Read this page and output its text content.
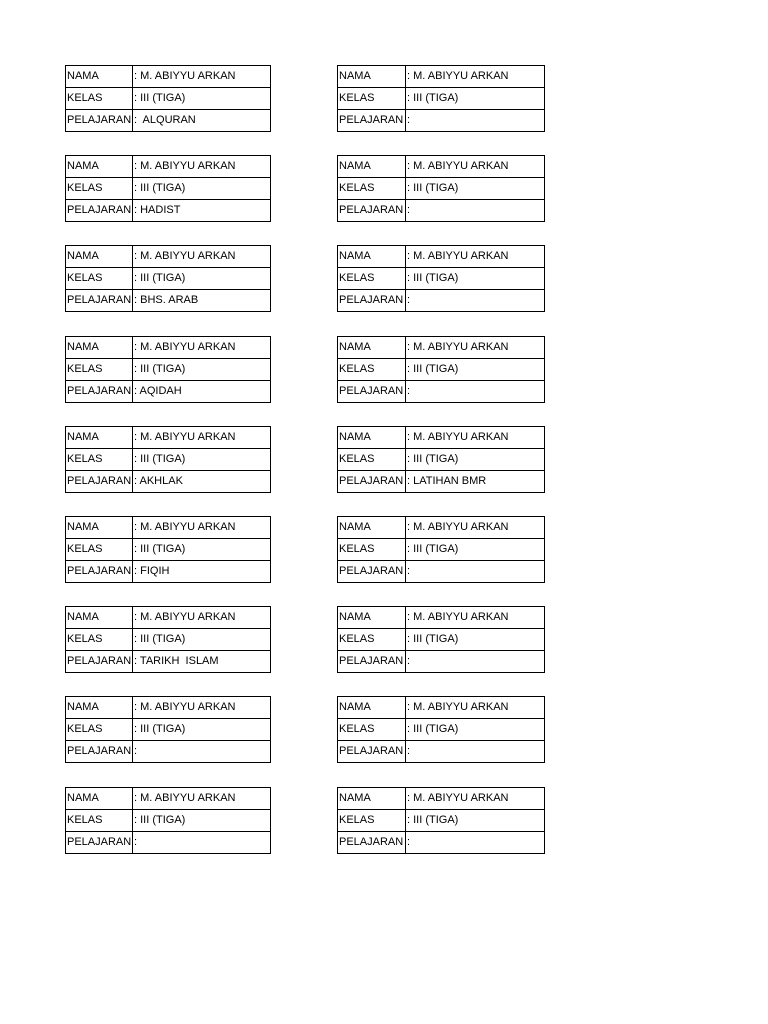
NAMA	: M. ABIYYU ARKAN
KELAS	: III (TIGA)
PELAJARAN	:  ALQURAN
NAMA	: M. ABIYYU ARKAN
KELAS	: III (TIGA)
PELAJARAN	: HADIST
NAMA	: M. ABIYYU ARKAN
KELAS	: III (TIGA)
PELAJARAN	: BHS. ARAB
NAMA	: M. ABIYYU ARKAN
KELAS	: III (TIGA)
PELAJARAN	: AQIDAH
NAMA	: M. ABIYYU ARKAN
KELAS	: III (TIGA)
PELAJARAN	: AKHLAK
NAMA	: M. ABIYYU ARKAN
KELAS	: III (TIGA)
PELAJARAN	: FIQIH
NAMA	: M. ABIYYU ARKAN
KELAS	: III (TIGA)
PELAJARAN	: TARIKH  ISLAM
NAMA	: M. ABIYYU ARKAN
KELAS	: III (TIGA)
PELAJARAN	:
NAMA	: M. ABIYYU ARKAN
KELAS	: III (TIGA)
PELAJARAN	:
NAMA	: M. ABIYYU ARKAN
KELAS	: III (TIGA)
PELAJARAN	:
NAMA	: M. ABIYYU ARKAN
KELAS	: III (TIGA)
PELAJARAN	:
NAMA	: M. ABIYYU ARKAN
KELAS	: III (TIGA)
PELAJARAN	:
NAMA	: M. ABIYYU ARKAN
KELAS	: III (TIGA)
PELAJARAN	:
NAMA	: M. ABIYYU ARKAN
KELAS	: III (TIGA)
PELAJARAN	: LATIHAN BMR
NAMA	: M. ABIYYU ARKAN
KELAS	: III (TIGA)
PELAJARAN	:
NAMA	: M. ABIYYU ARKAN
KELAS	: III (TIGA)
PELAJARAN	:
NAMA	: M. ABIYYU ARKAN
KELAS	: III (TIGA)
PELAJARAN	:
NAMA	: M. ABIYYU ARKAN
KELAS	: III (TIGA)
PELAJARAN	:
